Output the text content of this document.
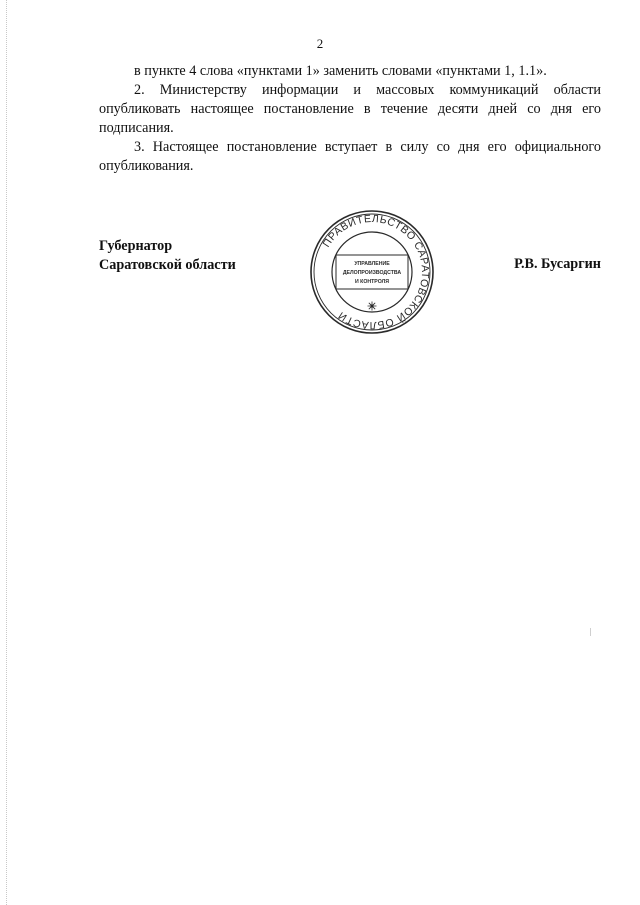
2

в пункте 4 слова «пунктами 1» заменить словами «пунктами 1, 1.1».

2. Министерству информации и массовых коммуникаций области опубликовать настоящее постановление в течение десяти дней со дня его подписания.

3. Настоящее постановление вступает в силу со дня его официального опубликования.

Губернатор
Саратовской области	Р.В. Бусаргин
ПРАВИТЕЛЬСТВО САРАТОВСКОЙ ОБЛАСТИ
УПРАВЛЕНИЕ
ДЕЛОПРОИЗВОДСТВА
И КОНТРОЛЯ
